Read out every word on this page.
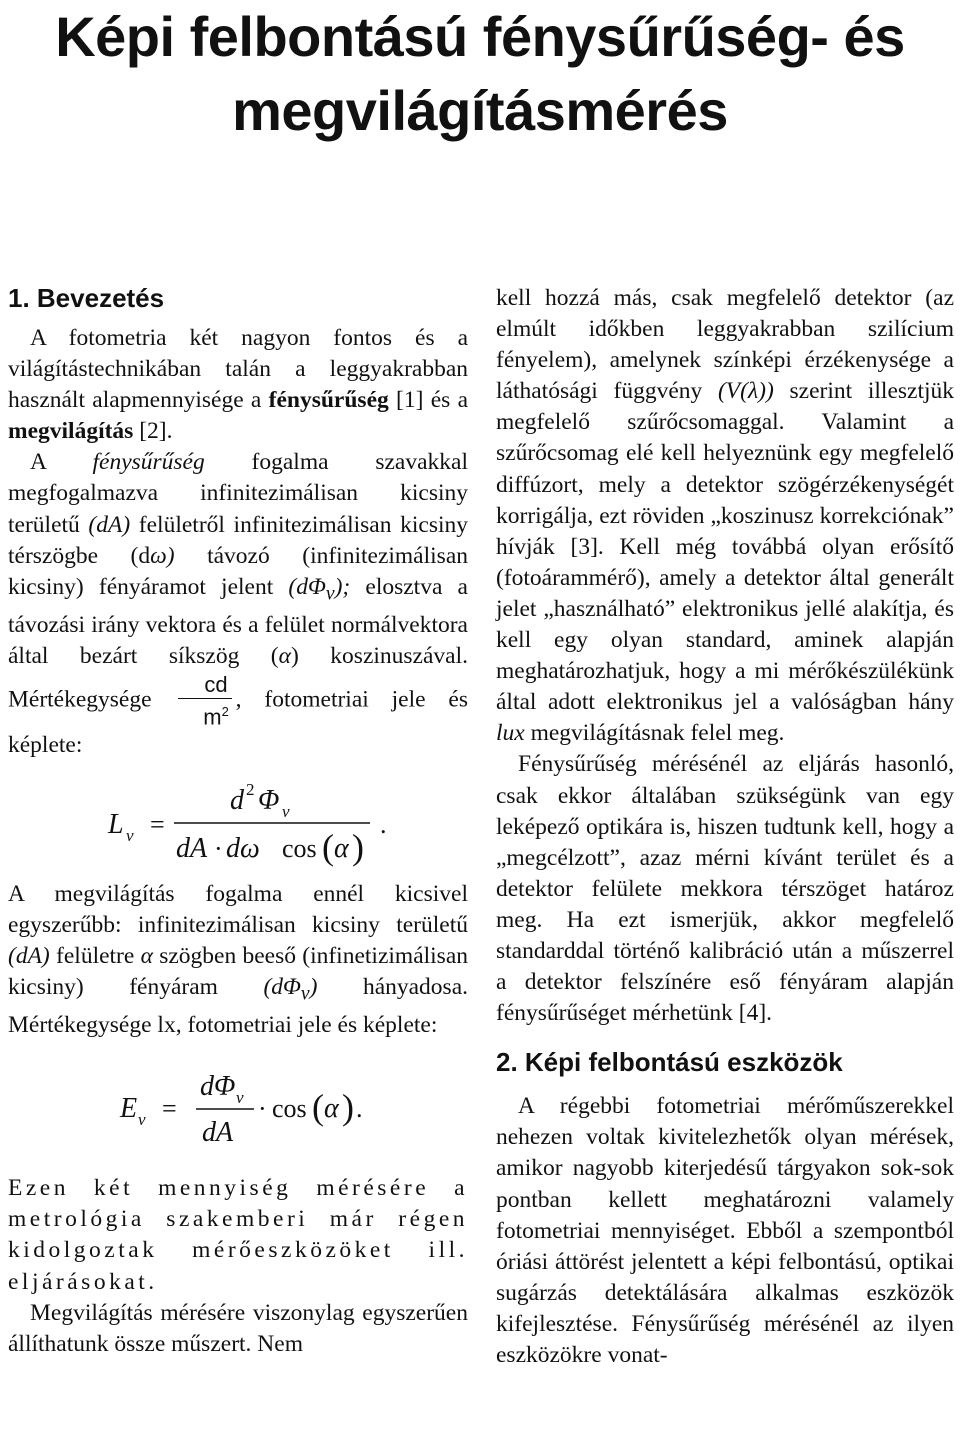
Képi felbontású fénysűrűség- és
megvilágításmérés
1. Bevezetés

A fotometria két nagyon fontos és a világítástechnikában talán a leggyakrabban használt alapmennyisége a fénysűrűség [1] és a megvilágítás [2].

A fénysűrűség fogalma szavakkal megfogalmazva infinitezimálisan kicsiny területű (dA) felületről infinitezimálisan kicsiny térszögbe (dω) távozó (infinitezimálisan kicsiny) fényáramot jelent $(d\Phi_v)$; elosztva a távozási irány vektora és a felület normálvektora által bezárt síkszög (α) koszinuszával. Mértékegysége $\frac{cd}{m^2}$ , fotometriai jele és képlete:

L v =
d 2 Φ v
dA · dω cos ( α )
.

A megvilágítás fogalma ennél kicsivel egyszerűbb: infinitezimálisan kicsiny területű (dA) felületre α szögben beeső (infinetizimálisan kicsiny) fényáram $(d\Phi_v)$ hányadosa. Mértékegysége lx, fotometriai jele és képlete:

E v =
dΦ v
dA
· cos ( α ) .

Ezen két mennyiség mérésére a metrológia szakemberi már régen kidolgoztak mérőeszközöket ill. eljárásokat.

Megvilágítás mérésére viszonylag egyszerűen állíthatunk össze műszert. Nem

kell hozzá más, csak megfelelő detektor (az elmúlt időkben leggyakrabban szilícium fényelem), amelynek színképi érzékenysége a láthatósági függvény (V(λ)) szerint illesztjük megfelelő szűrőcsomaggal. Valamint a szűrőcsomag elé kell helyeznünk egy megfelelő diffúzort, mely a detektor szögérzékenységét korrigálja, ezt röviden „koszinusz korrekciónak” hívják [3]. Kell még továbbá olyan erősítő (fotoárammérő), amely a detektor által generált jelet „használható” elektronikus jellé alakítja, és kell egy olyan standard, aminek alapján meghatározhatjuk, hogy a mi mérőkészülékünk által adott elektronikus jel a valóságban hány lux megvilágításnak felel meg.

Fénysűrűség mérésénél az eljárás hasonló, csak ekkor általában szükségünk van egy leképező optikára is, hiszen tudtunk kell, hogy a „megcélzott”, azaz mérni kívánt terület és a detektor felülete mekkora térszöget határoz meg. Ha ezt ismerjük, akkor megfelelő standarddal történő kalibráció után a műszerrel a detektor felszínére eső fényáram alapján fénysűrűséget mérhetünk [4].

2. Képi felbontású eszközök

A régebbi fotometriai mérőműszerekkel nehezen voltak kivitelezhetők olyan mérések, amikor nagyobb kiterjedésű tárgyakon sok-sok pontban kellett meghatározni valamely fotometriai mennyiséget. Ebből a szempontból óriási áttörést jelentett a képi felbontású, optikai sugárzás detektálására alkalmas eszközök kifejlesztése. Fénysűrűség mérésénél az ilyen eszközökre vonat-
